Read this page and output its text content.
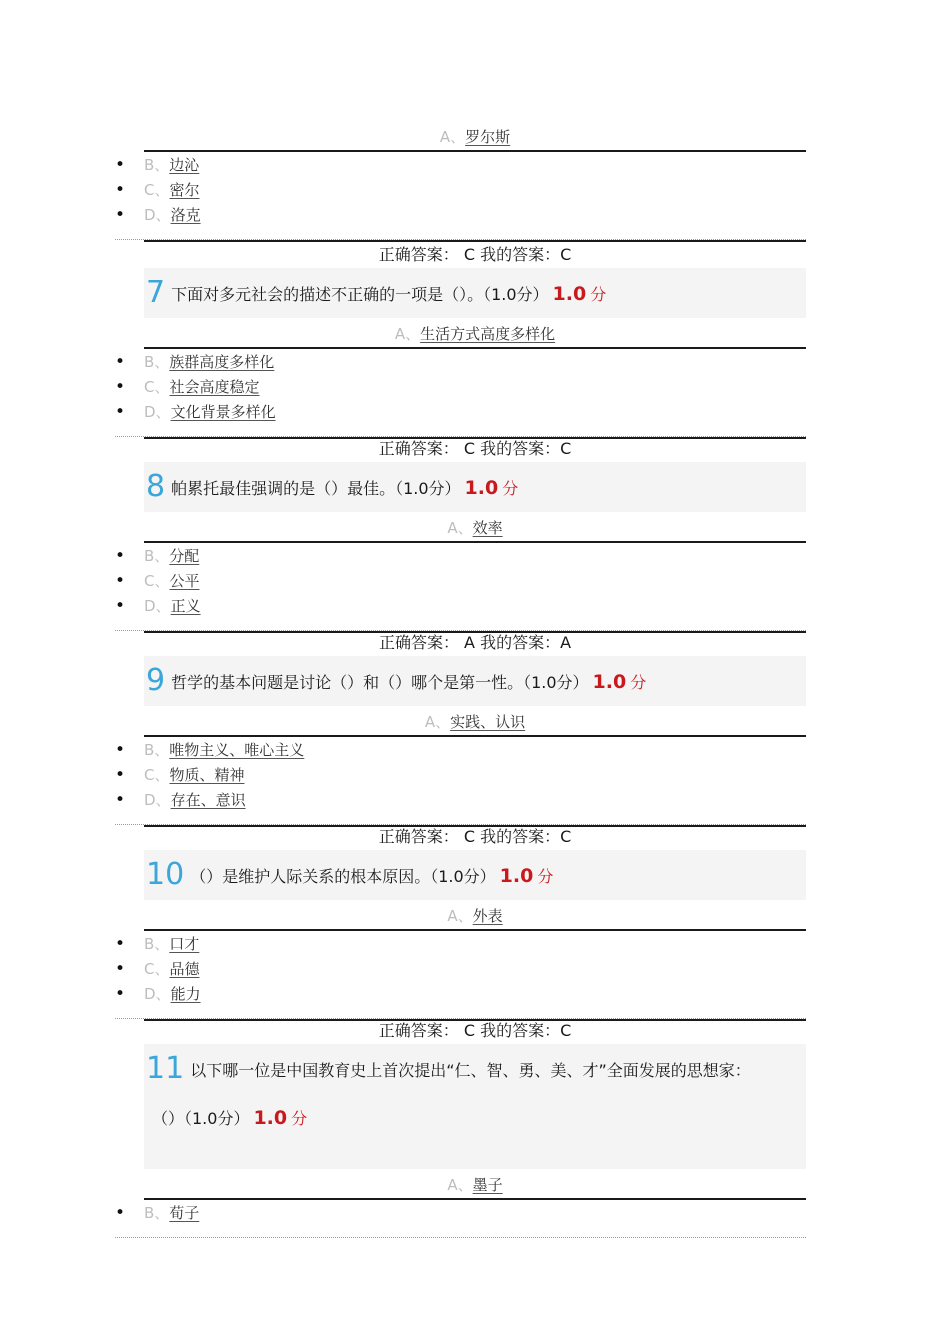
A、罗尔斯
• B、边沁
• C、密尔
• D、洛克
正确答案： C 我的答案：C
7 下面对多元社会的描述不正确的一项是（）。（1.0分） 1.0 分
A、生活方式高度多样化
• B、族群高度多样化
• C、社会高度稳定
• D、文化背景多样化
正确答案： C 我的答案：C
8 帕累托最佳强调的是（）最佳。（1.0分） 1.0 分
A、效率
• B、分配
• C、公平
• D、正义
正确答案： A 我的答案：A
9 哲学的基本问题是讨论（）和（）哪个是第一性。（1.0分） 1.0 分
A、实践、认识
• B、唯物主义、唯心主义
• C、物质、精神
• D、存在、意识
正确答案： C 我的答案：C
10 （）是维护人际关系的根本原因。（1.0分） 1.0 分
A、外表
• B、口才
• C、品德
• D、能力
正确答案： C 我的答案：C
11 以下哪一位是中国教育史上首次提出“仁、智、勇、美、才”全面发展的思想家：
（）（1.0分） 1.0 分
A、墨子
• B、荀子
